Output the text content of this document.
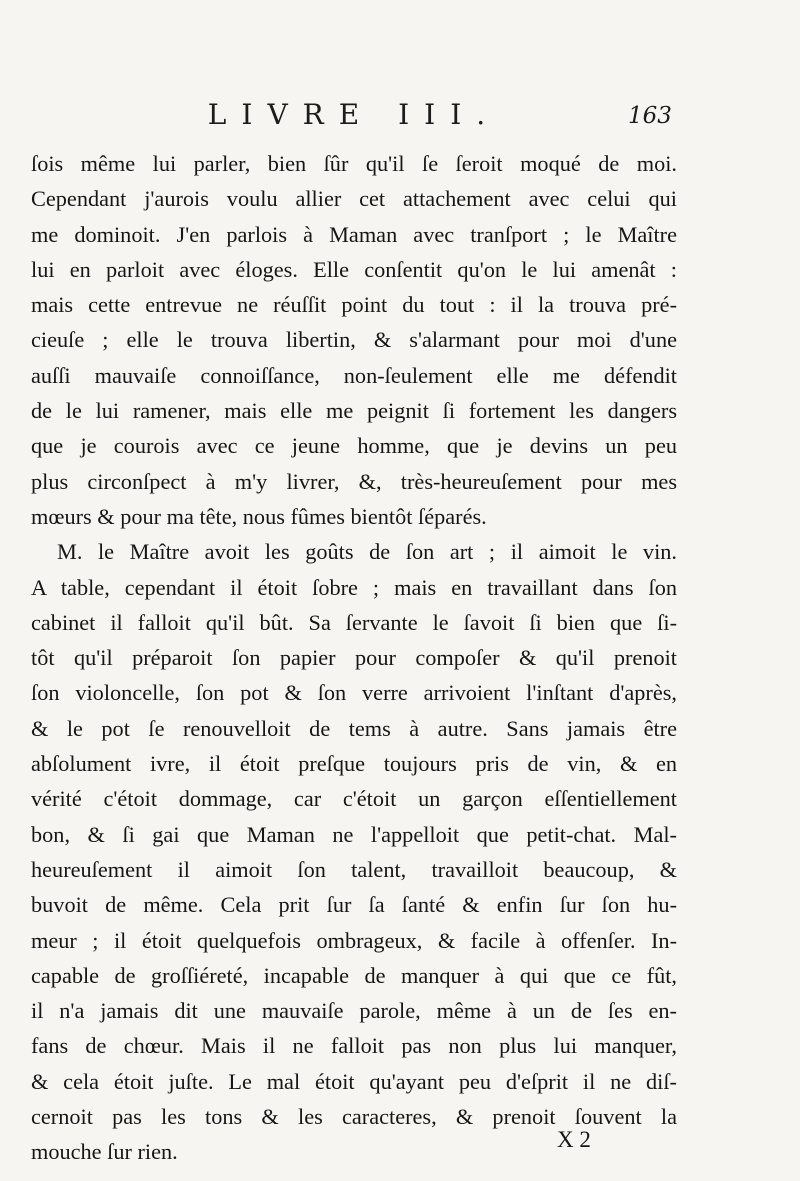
LIVRE III.	163
ſois même lui parler, bien ſûr qu'il ſe ſeroit moqué de moi.
Cependant j'aurois voulu allier cet attachement avec celui qui
me dominoit. J'en parlois à Maman avec tranſport ; le Maître
lui en parloit avec éloges. Elle conſentit qu'on le lui amenât :
mais cette entrevue ne réuſſit point du tout : il la trouva pré-
cieuſe ; elle le trouva libertin, & s'alarmant pour moi d'une
auſſi mauvaiſe connoiſſance, non-ſeulement elle me défendit
de le lui ramener, mais elle me peignit ſi fortement les dangers
que je courois avec ce jeune homme, que je devins un peu
plus circonſpect à m'y livrer, &, très-heureuſement pour mes
mœurs & pour ma tête, nous fûmes bientôt ſéparés.
M. le Maître avoit les goûts de ſon art ; il aimoit le vin.
A table, cependant il étoit ſobre ; mais en travaillant dans ſon
cabinet il falloit qu'il bût. Sa ſervante le ſavoit ſi bien que ſi-
tôt qu'il préparoit ſon papier pour compoſer & qu'il prenoit
ſon violoncelle, ſon pot & ſon verre arrivoient l'inſtant d'après,
& le pot ſe renouvelloit de tems à autre. Sans jamais être
abſolument ivre, il étoit preſque toujours pris de vin, & en
vérité c'étoit dommage, car c'étoit un garçon eſſentiellement
bon, & ſi gai que Maman ne l'appelloit que petit-chat. Mal-
heureuſement il aimoit ſon talent, travailloit beaucoup, &
buvoit de même. Cela prit ſur ſa ſanté & enfin ſur ſon hu-
meur ; il étoit quelquefois ombrageux, & facile à offenſer. In-
capable de groſſiéreté, incapable de manquer à qui que ce fût,
il n'a jamais dit une mauvaiſe parole, même à un de ſes en-
fans de chœur. Mais il ne falloit pas non plus lui manquer,
& cela étoit juſte. Le mal étoit qu'ayant peu d'eſprit il ne diſ-
cernoit pas les tons & les caracteres, & prenoit ſouvent la
mouche ſur rien.	X 2
